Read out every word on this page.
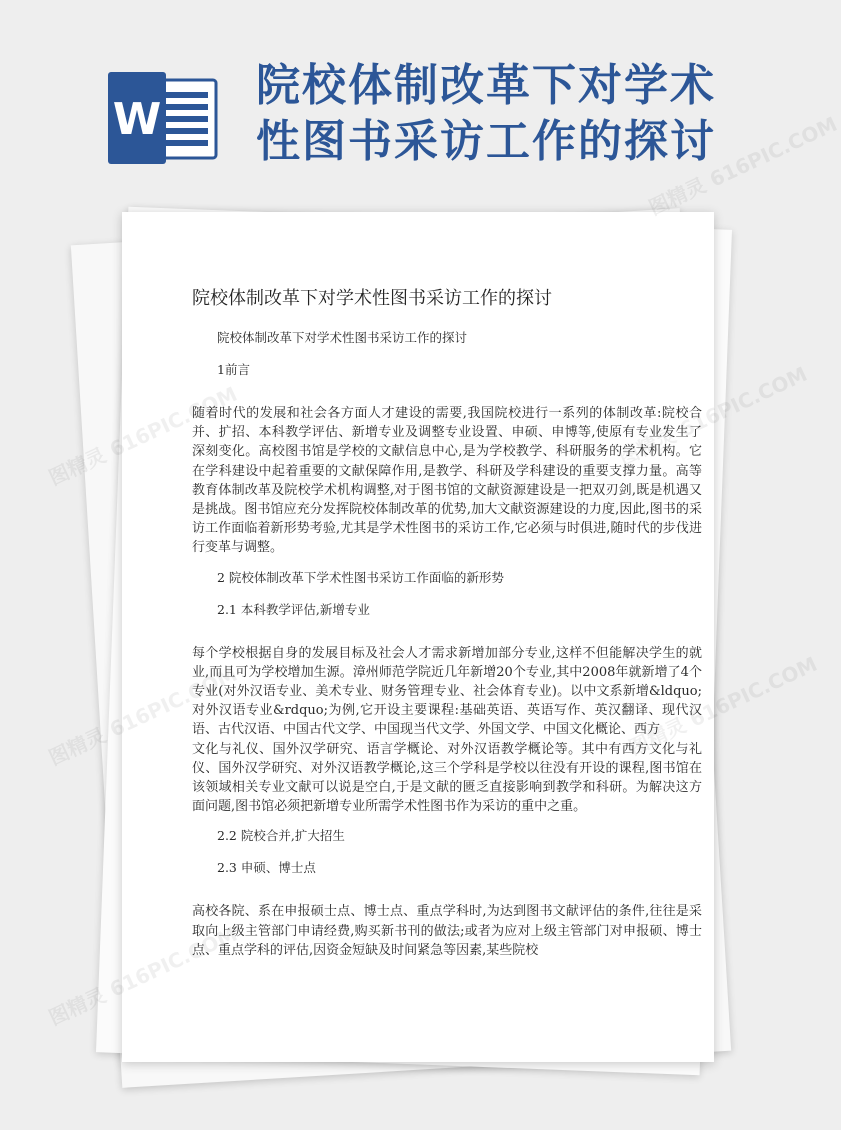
W
院校体制改革下对学术
性图书采访工作的探讨
院校体制改革下对学术性图书采访工作的探讨

院校体制改革下对学术性图书采访工作的探讨

1前言

随着时代的发展和社会各方面人才建设的需要,我国院校进行一系列的体制改革:院校合并、扩招、本科教学评估、新增专业及调整专业设置、申硕、申博等,使原有专业发生了深刻变化。高校图书馆是学校的文献信息中心,是为学校教学、科研服务的学术机构。它在学科建设中起着重要的文献保障作用,是教学、科研及学科建设的重要支撑力量。高等教育体制改革及院校学术机构调整,对于图书馆的文献资源建设是一把双刃剑,既是机遇又是挑战。图书馆应充分发挥院校体制改革的优势,加大文献资源建设的力度,因此,图书的采访工作面临着新形势考验,尤其是学术性图书的采访工作,它必须与时俱进,随时代的步伐进行变革与调整。

2 院校体制改革下学术性图书采访工作面临的新形势

2.1 本科教学评估,新增专业

每个学校根据自身的发展目标及社会人才需求新增加部分专业,这样不但能解决学生的就业,而且可为学校增加生源。漳州师范学院近几年新增20个专业,其中2008年就新增了4个专业(对外汉语专业、美术专业、财务管理专业、社会体育专业)。以中文系新增&ldquo;对外汉语专业&rdquo;为例,它开设主要课程:基础英语、英语写作、英汉翻译、现代汉语、古代汉语、中国古代文学、中国现当代文学、外国文学、中国文化概论、西方

文化与礼仪、国外汉学研究、语言学概论、对外汉语教学概论等。其中有西方文化与礼仪、国外汉学研究、对外汉语教学概论,这三个学科是学校以往没有开设的课程,图书馆在该领域相关专业文献可以说是空白,于是文献的匮乏直接影响到教学和科研。为解决这方面问题,图书馆必须把新增专业所需学术性图书作为采访的重中之重。

2.2 院校合并,扩大招生

2.3 申硕、博士点

高校各院、系在申报硕士点、博士点、重点学科时,为达到图书文献评估的条件,往往是采取向上级主管部门申请经费,购买新书刊的做法;或者为应对上级主管部门对申报硕、博士点、重点学科的评估,因资金短缺及时间紧急等因素,某些院校

图精灵
616PIC.COM
图精灵	图精灵 616PIC.COM
图精灵
图精灵 616PIC.COM
